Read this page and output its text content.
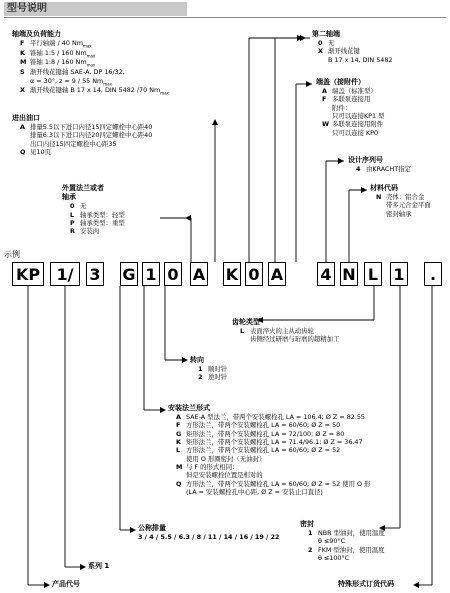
型号说明
轴端及负荷能力
F 平行轴端 / 40 $Nm_{max}$
K 锥轴 1:5 / 160 $Nm_{max}$
M 锥轴 1:8 / 160 $Nm_{max}$
S 渐开线花键轴 SAE-A, DP 16/32,
α = 30°, z = 9 / 55 $Nm_{max}$
X 渐开线花键轴 B 17 x 14, DIN 5482 /70 $Nm_{max}$
第二轴端
0 无
X 渐开线花键
B 17 x 14, DIN 5482
端盖（接附件）
A 端盖（标准型）
F 多联泵连接用
附件：
只可以连接KP1 型
W 多联泵连接用附件
只可以连接 KP0
进出油口
A 排量5.5以下进口内径15四定螺栓中心距40
排量6.3以下进口内径20四定螺栓中心距40
出口内径15四定螺栓中心距35
Q 见10页
设计序列号
4 由KRACHT指定
材料代码
N 壳体：铝合金
带多元合金平面
密封轴承
外置法兰或者
轴承
0 无
L 轴承类型：轻型
P 轴承类型：重型
R 安装肉
示例
KP	1/ 3 G 1 0 A K 0 A 4 N L 1	.
齿轮类型
L 表面淬火的主从动齿轮
齿侧经过研磨与珩磨的超精加工
转向
1 顺时针
2 逆时针
安装法兰形式
A SAE-A 型法兰，带两个安装螺栓孔 LA = 106.4; Ø Z = 82.55
F 方形法兰，带两个安装螺栓孔 LA = 60/60; Ø Z = 50
G 矩形法兰，带两个安装螺栓孔 LA = 72/100; Ø Z = 80
K 矩形法兰，带两个安装螺栓孔 LA = 71.4/96.1; Ø Z = 36.47
L 方形法兰，带两个安装螺栓孔 LA = 60/60; Ø Z = 52
使用 O 形圈密封（无油封）
M 与 F 的形式相同：
但是安装螺栓位置是相对的
Q 方形法兰，带两个安装螺栓孔 LA = 60/60; Ø Z = 52 使用 O 形
(LA = 安装螺栓孔中心距, Ø Z = 安装止口直径)
公称排量
3 / 4 / 5.5 / 6.3 / 8 / 11 / 14 / 16 / 19 / 22
密封
1 NBR 型油封，使用温度
θ ≤90°C
2 FKM 型油封，使用温度
θ ≤100°C
系列 1
产品代号	特殊形式订货代码
